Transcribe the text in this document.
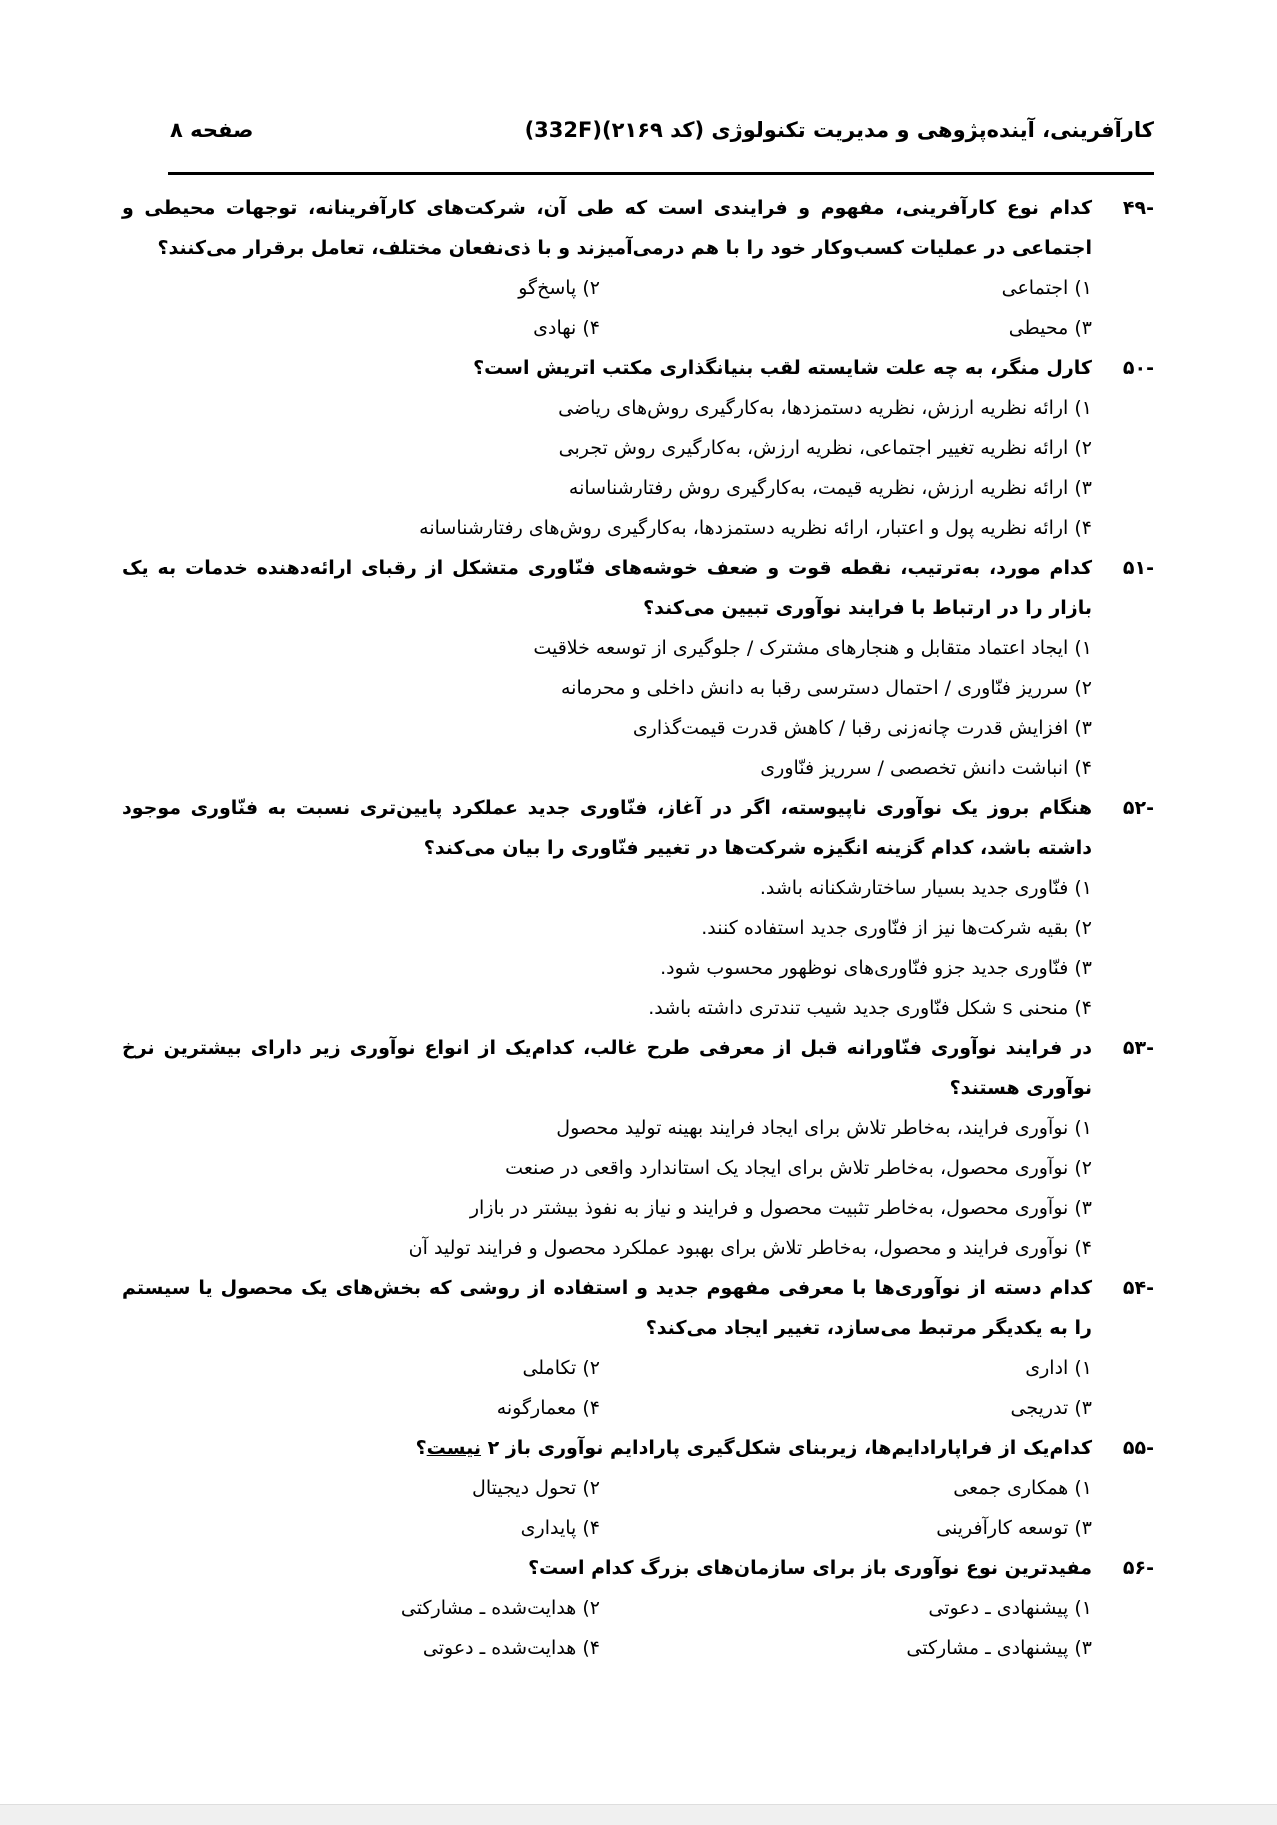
کارآفرینی، آینده‌پژوهی و مدیریت تکنولوژی (کد ۲۱۶۹)(332F)
صفحه ۸
-۴۹
کدام نوع کارآفرینی، مفهوم و فرایندی است که طی آن، شرکت‌های کارآفرینانه، توجهات محیطی و اجتماعی در عملیات کسب‌وکار خود را با هم درمی‌آمیزند و با ذی‌نفعان مختلف، تعامل برقرار می‌کنند؟
۱) اجتماعی
۲) پاسخ‌گو
۳) محیطی
۴) نهادی
-۵۰
کارل منگر، به چه علت شایسته لقب بنیانگذاری مکتب اتریش است؟
۱) ارائه نظریه ارزش، نظریه دستمزدها، به‌کارگیری روش‌های ریاضی
۲) ارائه نظریه تغییر اجتماعی، نظریه ارزش، به‌کارگیری روش تجربی
۳) ارائه نظریه ارزش، نظریه قیمت، به‌کارگیری روش رفتارشناسانه
۴) ارائه نظریه پول و اعتبار، ارائه نظریه دستمزدها، به‌کارگیری روش‌های رفتارشناسانه
-۵۱
کدام مورد، به‌ترتیب، نقطه قوت و ضعف خوشه‌های فنّاوری متشکل از رقبای ارائه‌دهنده خدمات به یک بازار را در ارتباط با فرایند نوآوری تبیین می‌کند؟
۱) ایجاد اعتماد متقابل و هنجارهای مشترک / جلوگیری از توسعه خلاقیت
۲) سرریز فنّاوری / احتمال دسترسی رقبا به دانش داخلی و محرمانه
۳) افزایش قدرت چانه‌زنی رقبا / کاهش قدرت قیمت‌گذاری
۴) انباشت دانش تخصصی / سرریز فنّاوری
-۵۲
هنگام بروز یک نوآوری ناپیوسته، اگر در آغاز، فنّاوری جدید عملکرد پایین‌تری نسبت به فنّاوری موجود داشته باشد، کدام گزینه انگیزه شرکت‌ها در تغییر فنّاوری را بیان می‌کند؟
۱) فنّاوری جدید بسیار ساختارشکنانه باشد.
۲) بقیه شرکت‌ها نیز از فنّاوری جدید استفاده کنند.
۳) فنّاوری جدید جزو فنّاوری‌های نوظهور محسوب شود.
۴) منحنی s شکل فنّاوری جدید شیب تندتری داشته باشد.
-۵۳
در فرایند نوآوری فنّاورانه قبل از معرفی طرح غالب، کدام‌یک از انواع نوآوری زیر دارای بیشترین نرخ نوآوری هستند؟
۱) نوآوری فرایند، به‌خاطر تلاش برای ایجاد فرایند بهینه تولید محصول
۲) نوآوری محصول، به‌خاطر تلاش برای ایجاد یک استاندارد واقعی در صنعت
۳) نوآوری محصول، به‌خاطر تثبیت محصول و فرایند و نیاز به نفوذ بیشتر در بازار
۴) نوآوری فرایند و محصول، به‌خاطر تلاش برای بهبود عملکرد محصول و فرایند تولید آن
-۵۴
کدام دسته از نوآوری‌ها با معرفی مفهوم جدید و استفاده از روشی که بخش‌های یک محصول یا سیستم را به یکدیگر مرتبط می‌سازد، تغییر ایجاد می‌کند؟
۱) اداری
۲) تکاملی
۳) تدریجی
۴) معمارگونه
-۵۵
کدام‌یک از فراپارادایم‌ها، زیربنای شکل‌گیری پارادایم نوآوری باز ۲ نیست؟
۱) همکاری جمعی
۲) تحول دیجیتال
۳) توسعه کارآفرینی
۴) پایداری
-۵۶
مفیدترین نوع نوآوری باز برای سازمان‌های بزرگ کدام است؟
۱) پیشنهادی ـ دعوتی
۲) هدایت‌شده ـ مشارکتی
۳) پیشنهادی ـ مشارکتی
۴) هدایت‌شده ـ دعوتی
